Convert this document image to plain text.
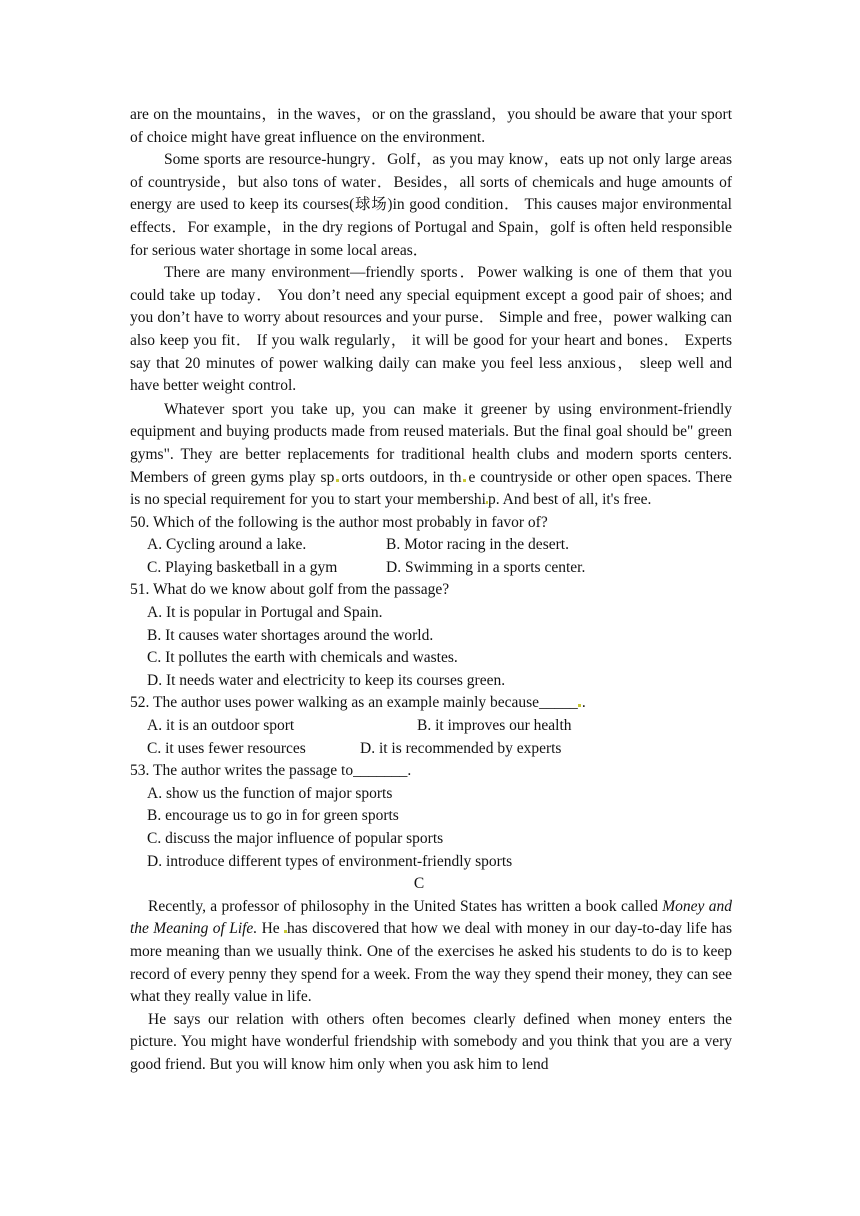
are on the mountains，in the waves，or on the grassland，you should be aware that your sport of choice might have great influence on the environment.

Some sports are resource-hungry．Golf，as you may know，eats up not only large areas of countryside，but also tons of water．Besides，all sorts of chemicals and huge amounts of energy are used to keep its courses(球场)in good condition． This causes major environmental effects．For example，in the dry regions of Portugal and Spain，golf is often held responsible for serious water shortage in some local areas．

There are many environment—friendly sports．Power walking is one of them that you could take up today． You don’t need any special equipment except a good pair of shoes; and you don’t have to worry about resources and your purse． Simple and free，power walking can also keep you fit． If you walk regularly， it will be good for your heart and bones． Experts say that 20 minutes of power walking daily can make you feel less anxious， sleep well and have better weight control.

Whatever sport you take up, you can make it greener by using environment-friendly equipment and buying products made from reused materials. But the final goal should be" green gyms". They are better replacements for traditional health clubs and modern sports centers. Members of green gyms play sp orts outdoors, in th e countryside or other open spaces. There is no special requirement for you to start your membershi p. And best of all, it's free.

50. Which of the following is the author most probably in favor of?

A. Cycling around a lake.	B. Motor racing in the desert.
C. Playing basketball in a gym	D. Swimming in a sports center.

51. What do we know about golf from the passage?

A. It is popular in Portugal and Spain.

B. It causes water shortages around the world.

C. It pollutes the earth with chemicals and wastes.

D. It needs water and electricity to keep its courses green.

52. The author uses power walking as an example mainly because_____ .

A. it is an outdoor sport	B. it improves our health
C. it uses fewer resources	D. it is recommended by experts

53. The author writes the passage to_______.

A. show us the function of major sports

B. encourage us to go in for green sports

C. discuss the major influence of popular sports

D. introduce different types of environment-friendly sports

C

Recently, a professor of philosophy in the United States has written a book called Money and the Meaning of Life. He has discovered that how we deal with money in our day-to-day life has more meaning than we usually think. One of the exercises he asked his students to do is to keep record of every penny they spend for a week. From the way they spend their money, they can see what they really value in life.

He says our relation with others often becomes clearly defined when money enters the picture. You might have wonderful friendship with somebody and you think that you are a very good friend. But you will know him only when you ask him to lend
